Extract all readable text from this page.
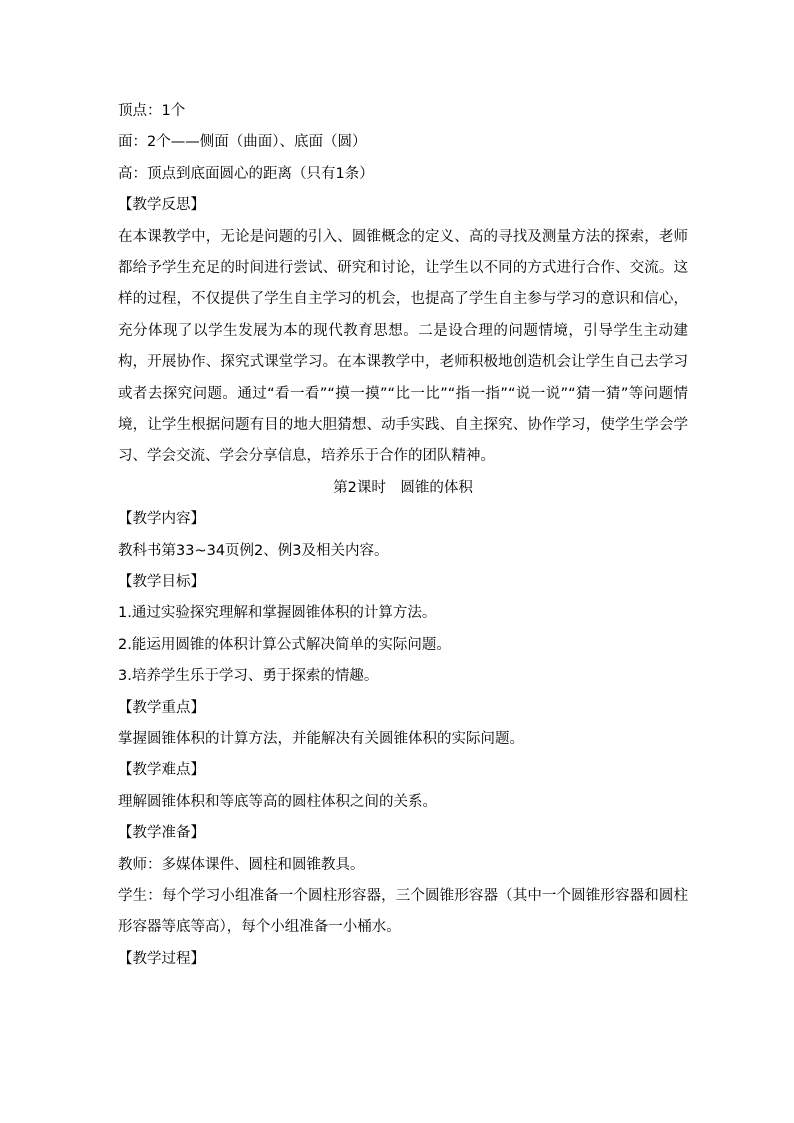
顶点：1个
面：2个——侧面（曲面）、底面（圆）
高：顶点到底面圆心的距离（只有1条）
【教学反思】
在本课教学中，无论是问题的引入、圆锥概念的定义、高的寻找及测量方法的探索，老师都给予学生充足的时间进行尝试、研究和讨论，让学生以不同的方式进行合作、交流。这样的过程，不仅提供了学生自主学习的机会，也提高了学生自主参与学习的意识和信心，充分体现了以学生发展为本的现代教育思想。二是设合理的问题情境，引导学生主动建构，开展协作、探究式课堂学习。在本课教学中，老师积极地创造机会让学生自己去学习或者去探究问题。通过“看一看”“摸一摸”“比一比”“指一指”“说一说”“猜一猜”等问题情境，让学生根据问题有目的地大胆猜想、动手实践、自主探究、协作学习，使学生学会学习、学会交流、学会分享信息，培养乐于合作的团队精神。
第2课时　圆锥的体积
【教学内容】
教科书第33~34页例2、例3及相关内容。
【教学目标】
1.通过实验探究理解和掌握圆锥体积的计算方法。
2.能运用圆锥的体积计算公式解决简单的实际问题。
3.培养学生乐于学习、勇于探索的情趣。
【教学重点】
掌握圆锥体积的计算方法，并能解决有关圆锥体积的实际问题。
【教学难点】
理解圆锥体积和等底等高的圆柱体积之间的关系。
【教学准备】
教师：多媒体课件、圆柱和圆锥教具。
学生：每个学习小组准备一个圆柱形容器，三个圆锥形容器（其中一个圆锥形容器和圆柱形容器等底等高），每个小组准备一小桶水。
【教学过程】
